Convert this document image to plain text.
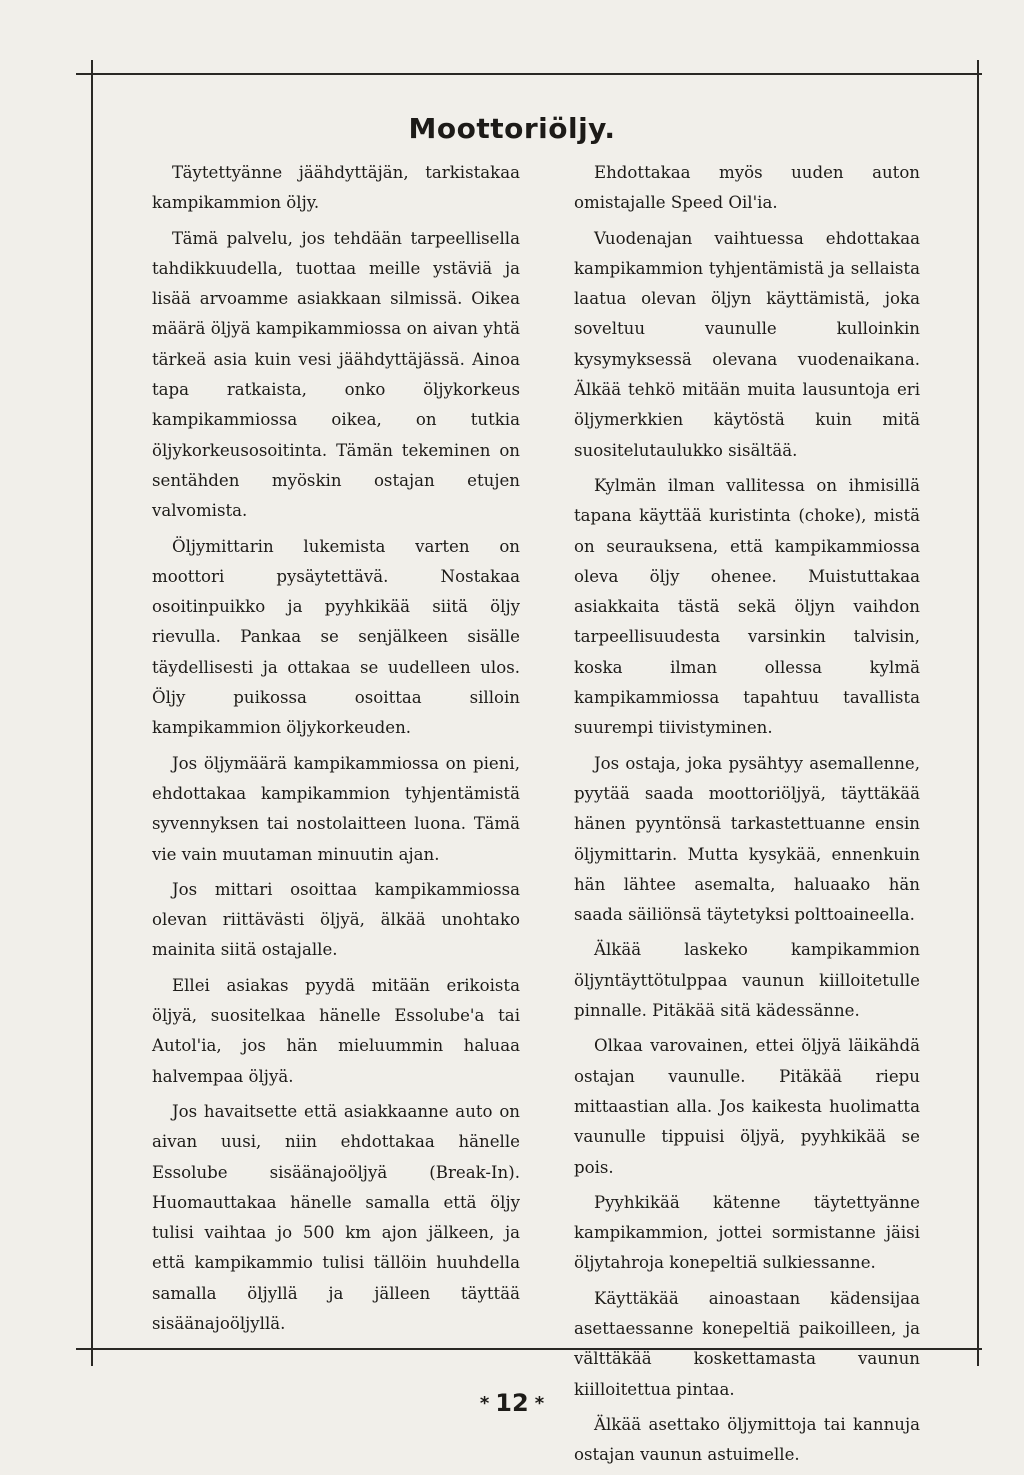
Moottoriöljy.

Täytettyänne jäähdyttäjän, tarkistakaa kampikammion öljy.

Tämä palvelu, jos tehdään tarpeellisella tahdikkuudella, tuottaa meille ystäviä ja lisää arvoamme asiakkaan silmissä. Oikea määrä öljyä kampikammiossa on aivan yhtä tärkeä asia kuin vesi jäähdyttäjässä. Ainoa tapa ratkaista, onko öljykorkeus kampikammiossa oikea, on tutkia öljykorkeusosoitinta. Tämän tekeminen on sentähden myöskin ostajan etujen valvomista.

Öljymittarin lukemista varten on moottori pysäytettävä. Nostakaa osoitinpuikko ja pyyhkikää siitä öljy rievulla. Pankaa se senjälkeen sisälle täydellisesti ja ottakaa se uudelleen ulos. Öljy puikossa osoittaa silloin kampikammion öljykorkeuden.

Jos öljymäärä kampikammiossa on pieni, ehdottakaa kampikammion tyhjentämistä syvennyksen tai nostolaitteen luona. Tämä vie vain muutaman minuutin ajan.

Jos mittari osoittaa kampikammiossa olevan riittävästi öljyä, älkää unohtako mainita siitä ostajalle.

Ellei asiakas pyydä mitään erikoista öljyä, suositelkaa hänelle Essolube'a tai Autol'ia, jos hän mieluummin haluaa halvempaa öljyä.

Jos havaitsette että asiakkaanne auto on aivan uusi, niin ehdottakaa hänelle Essolube sisäänajoöljyä (Break-In). Huomauttakaa hänelle samalla että öljy tulisi vaihtaa jo 500 km ajon jälkeen, ja että kampikammio tulisi tällöin huuhdella samalla öljyllä ja jälleen täyttää sisäänajoöljyllä.

Ehdottakaa myös uuden auton omistajalle Speed Oil'ia.

Vuodenajan vaihtuessa ehdottakaa kampikammion tyhjentämistä ja sellaista laatua olevan öljyn käyttämistä, joka soveltuu vaunulle kulloinkin kysymyksessä olevana vuodenaikana. Älkää tehkö mitään muita lausuntoja eri öljymerkkien käytöstä kuin mitä suositelutaulukko sisältää.

Kylmän ilman vallitessa on ihmisillä tapana käyttää kuristinta (choke), mistä on seurauksena, että kampikammiossa oleva öljy ohenee. Muistuttakaa asiakkaita tästä sekä öljyn vaihdon tarpeellisuudesta varsinkin talvisin, koska ilman ollessa kylmä kampikammiossa tapahtuu tavallista suurempi tiivistyminen.

Jos ostaja, joka pysähtyy asemallenne, pyytää saada moottoriöljyä, täyttäkää hänen pyyntönsä tarkastettuanne ensin öljymittarin. Mutta kysykää, ennenkuin hän lähtee asemalta, haluaako hän saada säiliönsä täytetyksi polttoaineella.

Älkää laskeko kampikammion öljyntäyttötulppaa vaunun kiilloitetulle pinnalle. Pitäkää sitä kädessänne.

Olkaa varovainen, ettei öljyä läikähdä ostajan vaunulle. Pitäkää riepu mittaastian alla. Jos kaikesta huolimatta vaunulle tippuisi öljyä, pyyhkikää se pois.

Pyyhkikää kätenne täytettyänne kampikammion, jottei sormistanne jäisi öljytahroja konepeltiä sulkiessanne.

Käyttäkää ainoastaan kädensijaa asettaessanne konepeltiä paikoilleen, ja välttäkää koskettamasta vaunun kiilloitettua pintaa.

Älkää asettako öljymittoja tai kannuja ostajan vaunun astuimelle.

* 12 *
